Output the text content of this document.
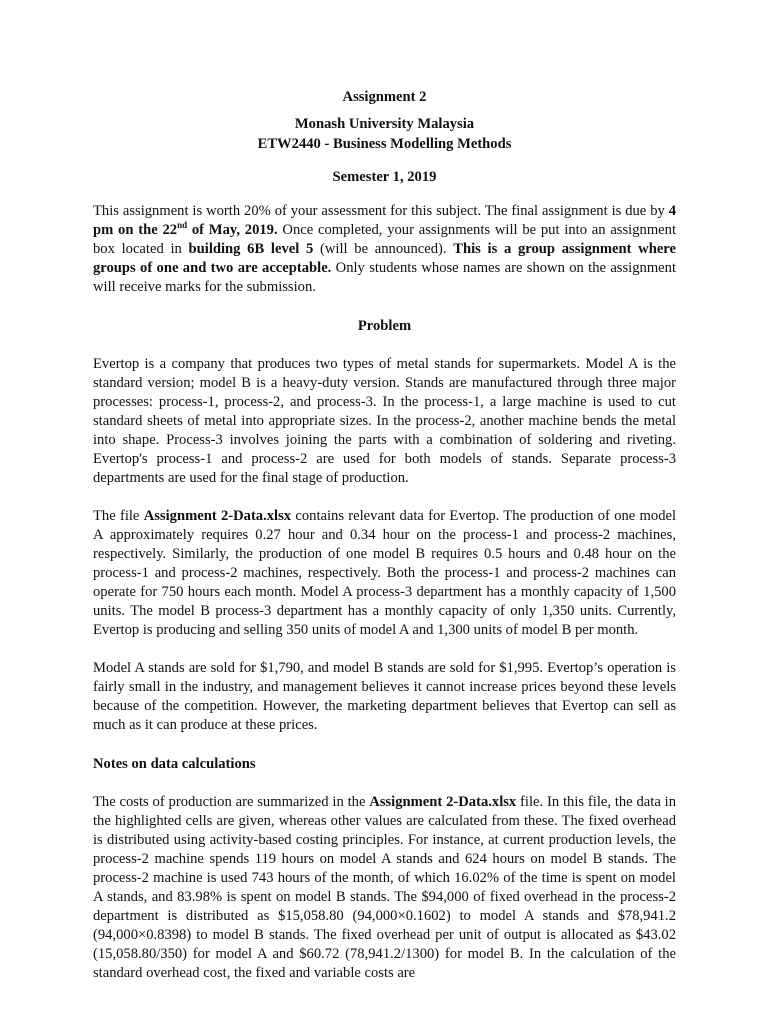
Assignment 2

Monash University Malaysia

ETW2440 - Business Modelling Methods

Semester 1, 2019

This assignment is worth 20% of your assessment for this subject. The final assignment is due by 4 pm on the 22nd of May, 2019. Once completed, your assignments will be put into an assignment box located in building 6B level 5 (will be announced). This is a group assignment where groups of one and two are acceptable. Only students whose names are shown on the assignment will receive marks for the submission.

Problem

Evertop is a company that produces two types of metal stands for supermarkets. Model A is the standard version; model B is a heavy-duty version. Stands are manufactured through three major processes: process-1, process-2, and process-3. In the process-1, a large machine is used to cut standard sheets of metal into appropriate sizes. In the process-2, another machine bends the metal into shape. Process-3 involves joining the parts with a combination of soldering and riveting. Evertop's process-1 and process-2 are used for both models of stands. Separate process-3 departments are used for the final stage of production.

The file Assignment 2-Data.xlsx contains relevant data for Evertop. The production of one model A approximately requires 0.27 hour and 0.34 hour on the process-1 and process-2 machines, respectively. Similarly, the production of one model B requires 0.5 hours and 0.48 hour on the process-1 and process-2 machines, respectively. Both the process-1 and process-2 machines can operate for 750 hours each month. Model A process-3 department has a monthly capacity of 1,500 units. The model B process-3 department has a monthly capacity of only 1,350 units. Currently, Evertop is producing and selling 350 units of model A and 1,300 units of model B per month.

Model A stands are sold for $1,790, and model B stands are sold for $1,995. Evertop’s operation is fairly small in the industry, and management believes it cannot increase prices beyond these levels because of the competition. However, the marketing department believes that Evertop can sell as much as it can produce at these prices.

Notes on data calculations

The costs of production are summarized in the Assignment 2-Data.xlsx file. In this file, the data in the highlighted cells are given, whereas other values are calculated from these. The fixed overhead is distributed using activity-based costing principles. For instance, at current production levels, the process-2 machine spends 119 hours on model A stands and 624 hours on model B stands. The process-2 machine is used 743 hours of the month, of which 16.02% of the time is spent on model A stands, and 83.98% is spent on model B stands. The $94,000 of fixed overhead in the process-2 department is distributed as $15,058.80 (94,000×0.1602) to model A stands and $78,941.2 (94,000×0.8398) to model B stands. The fixed overhead per unit of output is allocated as $43.02 (15,058.80/350) for model A and $60.72 (78,941.2/1300) for model B. In the calculation of the standard overhead cost, the fixed and variable costs are
